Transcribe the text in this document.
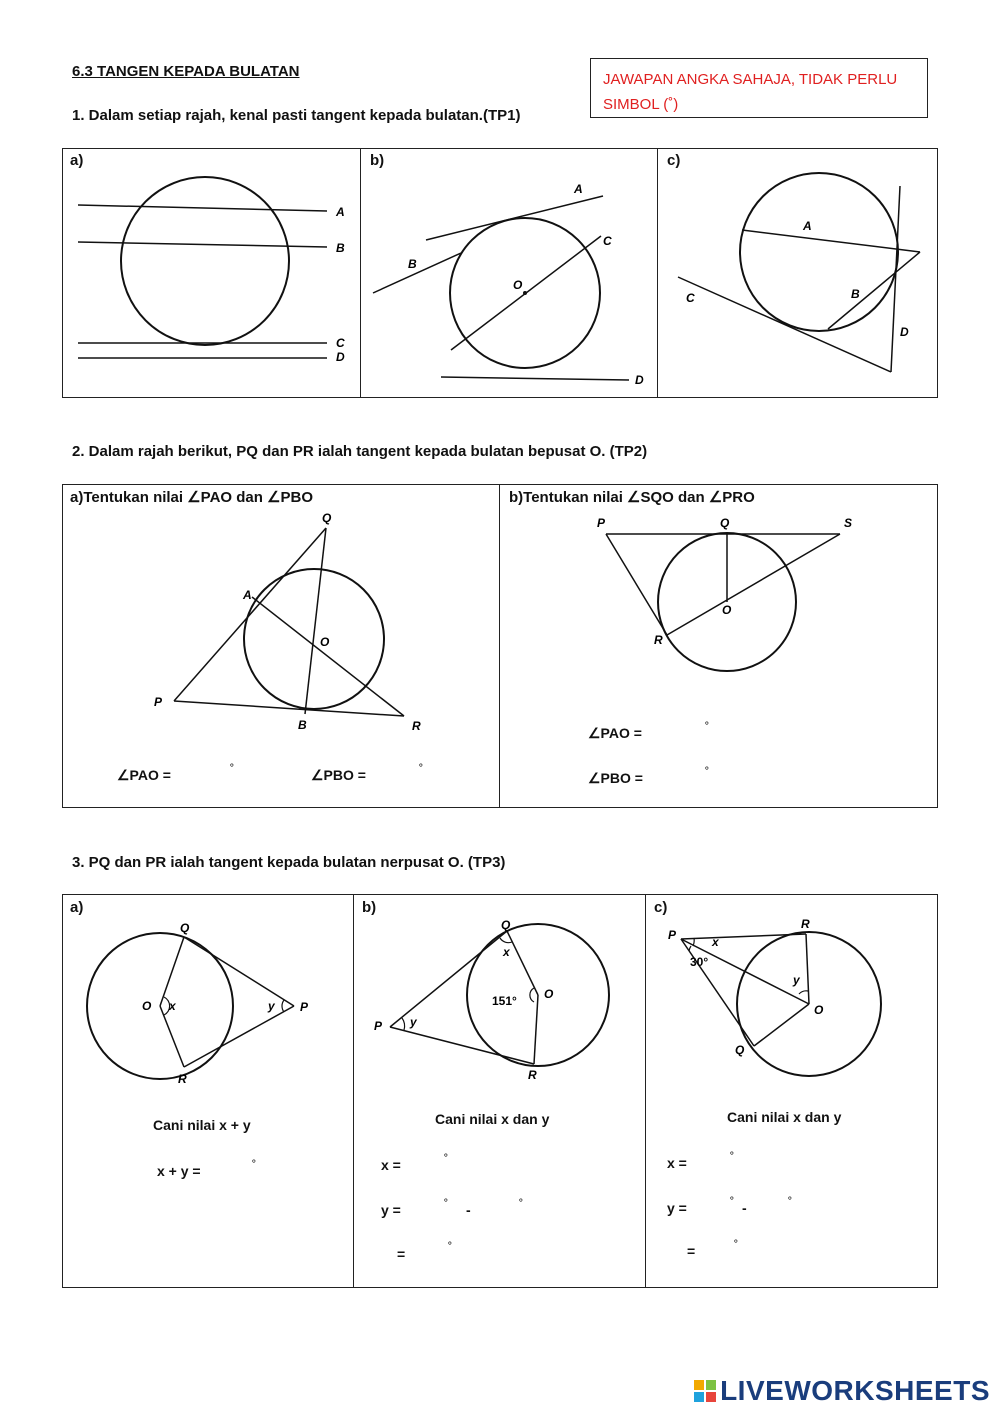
6.3 TANGEN KEPADA BULATAN	JAWAPAN ANGKA SAHAJA, TIDAK PERLU SIMBOL (˚)
1. Dalam setiap rajah, kenal pasti tangent kepada bulatan.(TP1)
a)	b)	c)
A
B
C
D
A
B
C
D
O
A
B
C
D
2. Dalam rajah berikut, PQ dan PR ialah tangent kepada bulatan bepusat O. (TP2)
a)Tentukan nilai ∠PAO dan ∠PBO	b)Tentukan nilai ∠SQO dan ∠PRO
Q
A
O
P
B	R
∠PAO =	˚	∠PBO =	˚
P	Q	S
O
R
∠PAO =	˚
∠PBO =	˚
3. PQ dan PR ialah tangent kepada bulatan nerpusat O. (TP3)
a)	b)	c)
Q
O x	y P
R
Cani nilai x + y
x + y =	˚
Q
x
O
151°
P y
R
Cani nilai x dan y
x =	˚
y =	˚ -	˚
=	˚
P	x
30°
R
y
O
Q
Cani nilai x dan y
x =	˚
y =	˚ -	˚
=	˚
LIVEWORKSHEETS
